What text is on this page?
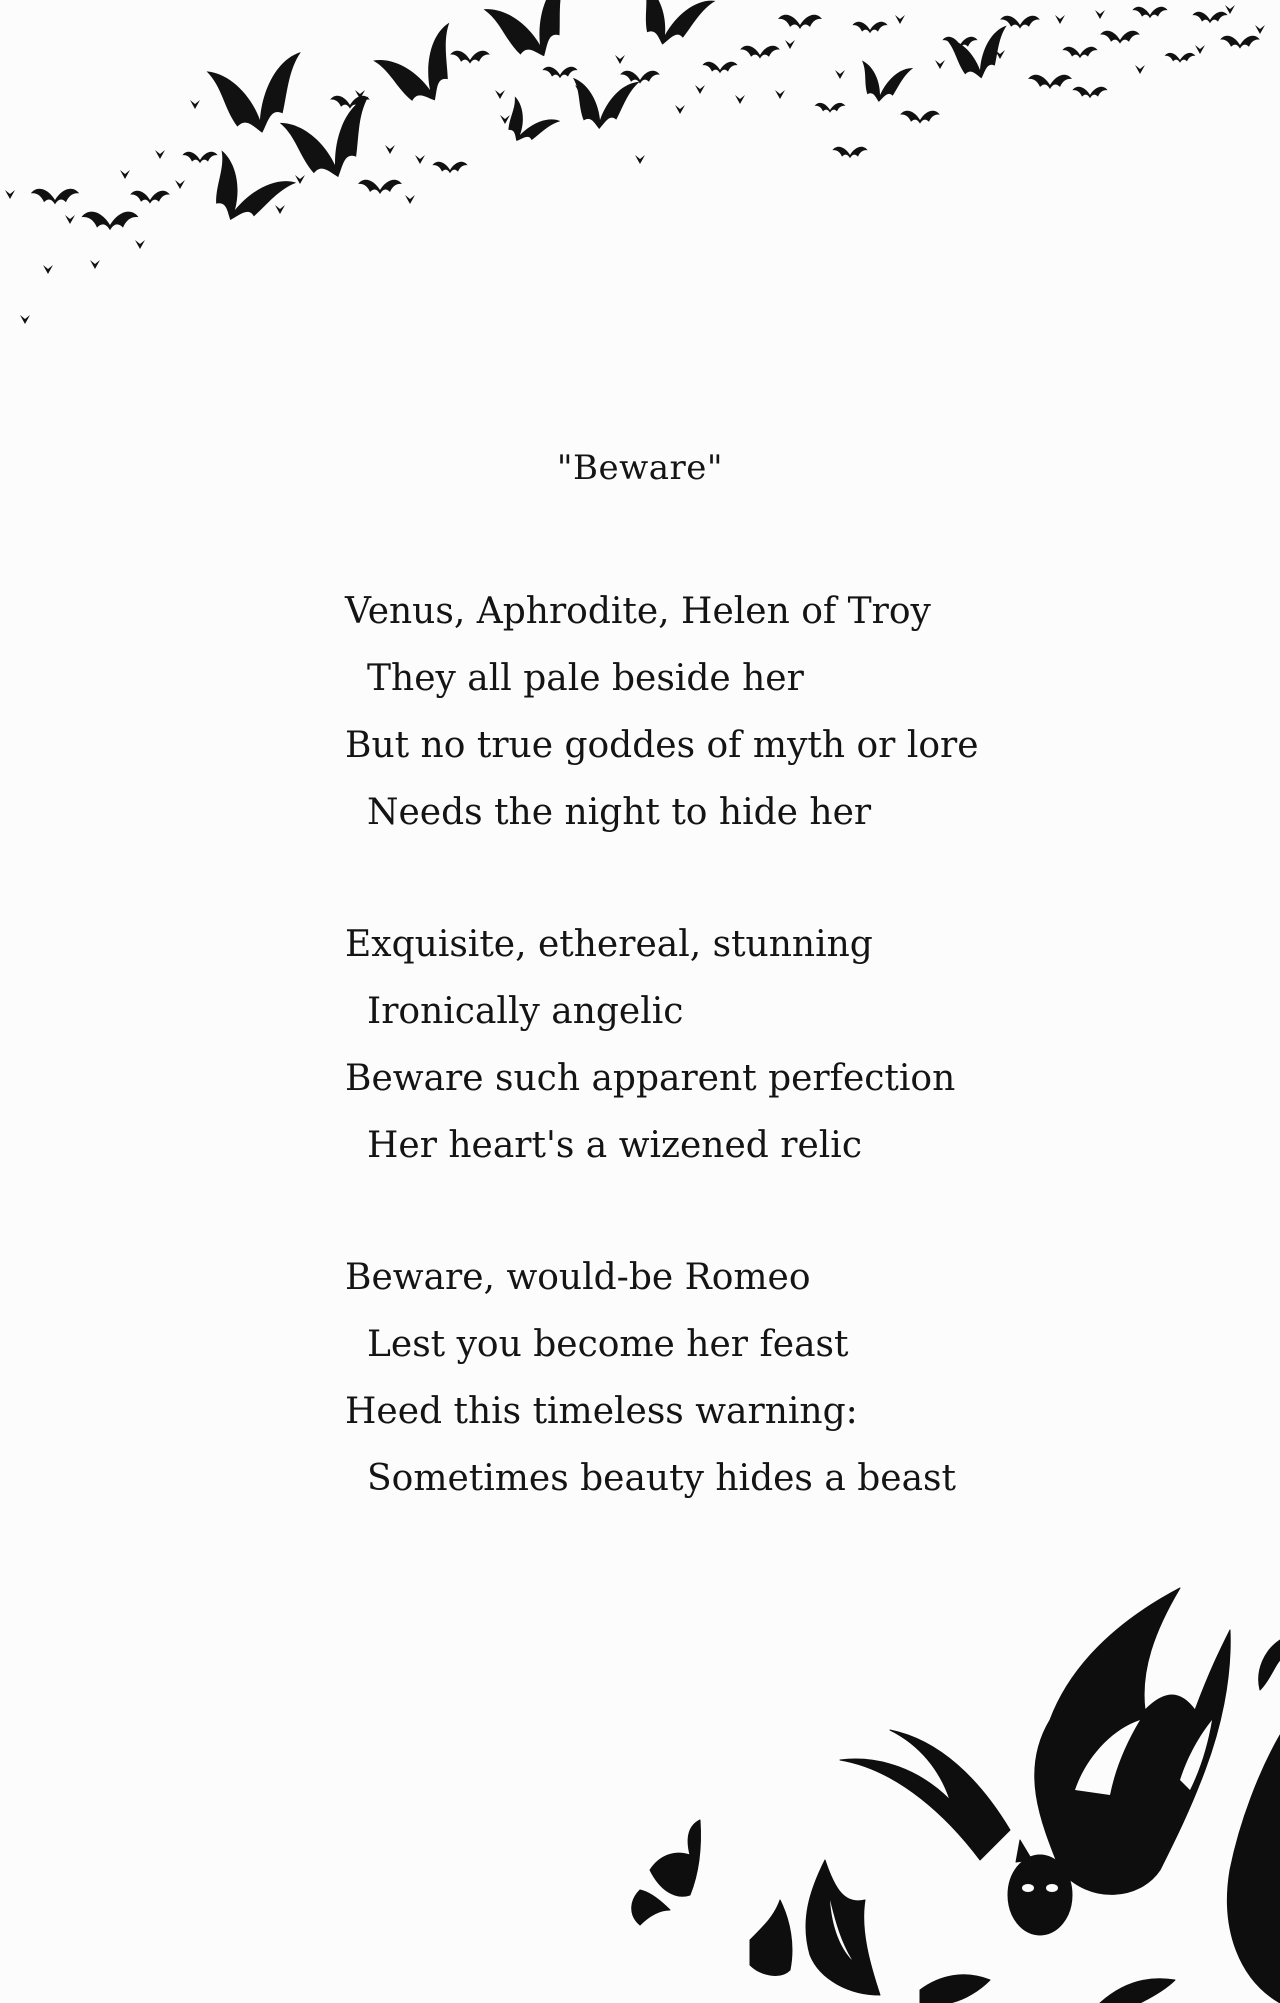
"Beware"
Venus, Aphrodite, Helen of Troy
They all pale beside her
But no true goddes of myth or lore
Needs the night to hide her
Exquisite, ethereal, stunning
Ironically angelic
Beware such apparent perfection
Her heart's a wizened relic
Beware, would-be Romeo
Lest you become her feast
Heed this timeless warning:
Sometimes beauty hides a beast
